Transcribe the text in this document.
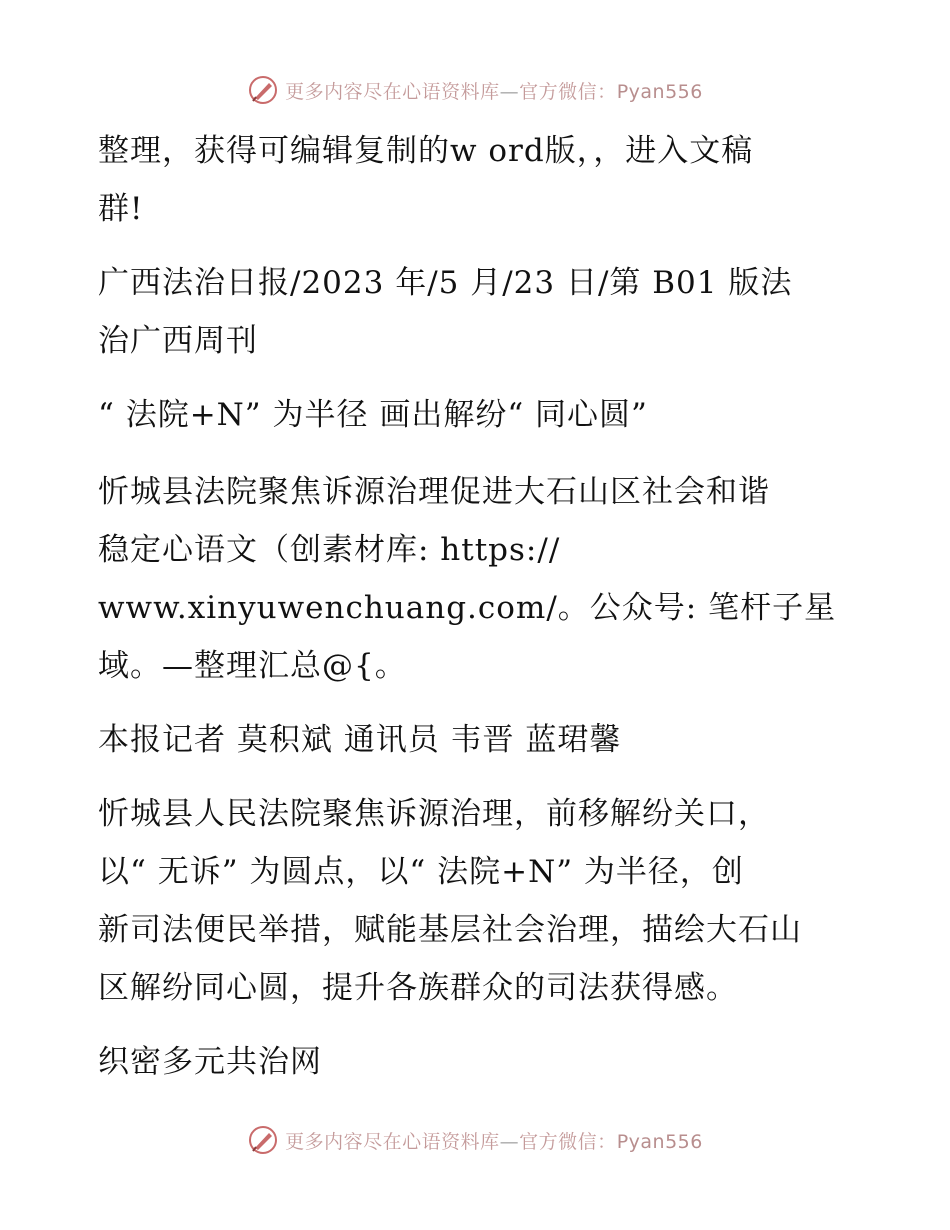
更多内容尽在心语资料库—官方微信：Pyan556
整理，获得可编辑复制的w ord版，，进入文稿
群!
广西法治日报/2023 年/5 月/23 日/第 B01 版法
治广西周刊
“ 法院+N” 为半径 画出解纷“ 同心圆”
忻城县法院聚焦诉源治理促进大石山区社会和谐
稳定心语文（创素材库: https://
www.xinyuwenchuang.com/。公众号: 笔杆子星
域。—整理汇总@{。
本报记者 莫积斌 通讯员 韦晋 蓝珺馨
忻城县人民法院聚焦诉源治理，前移解纷关口，
以“ 无诉” 为圆点，以“ 法院+N” 为半径，创
新司法便民举措，赋能基层社会治理，描绘大石山
区解纷同心圆，提升各族群众的司法获得感。
织密多元共治网
更多内容尽在心语资料库—官方微信：Pyan556
